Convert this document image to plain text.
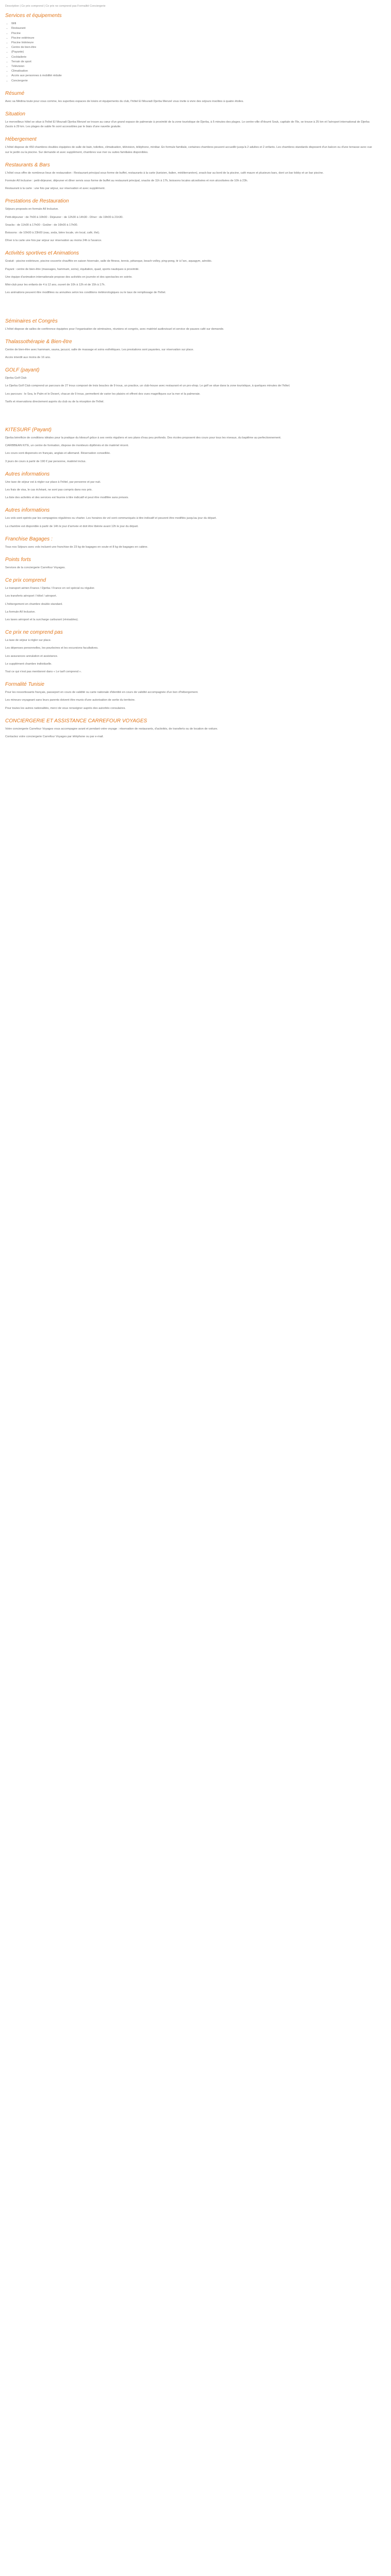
Description | Ce prix comprend | Ce prix ne comprend pas Formalité Conciergerie
Services et équipements
• Wifi
• Restaurant
• Piscine
• Piscine extérieure
• Piscine Intérieure
• Centre de bien-être
• (Payante)
• Cocktailerie
• Terrain de sport
• Télévision
• Climatisation
• Accès aux personnes à mobilité réduite
• Conciergerie
Résumé

Avec sa Médina toute pour vous comme, les superbes espaces de loisirs et équipements du club, l'hôtel El Mouradi Djerba Menzel vous invite à vivre des séjours insolites à quatre étoiles.

Situation

Le merveilleux hôtel se situe à l'hôtel El Mouradi Djerba Menzel se trouve au cœur d'un grand espace de palmeraie à proximité de la zone touristique de Djerba, à 5 minutes des plages. Le centre-ville d'Houmt Souk, capitale de l'île, se trouve à 25 km et l'aéroport international de Djerba Zarzis à 29 km. Les plages de sable fin sont accessibles par le biais d'une navette gratuite.

Hébergement

L'hôtel dispose de 450 chambres doubles équipées de salle de bain, toilettes, climatisation, télévision, téléphone, minibar. En formule familiale, certaines chambres peuvent accueillir jusqu'à 2 adultes et 2 enfants. Les chambres standards disposent d'un balcon ou d'une terrasse avec vue sur le jardin ou la piscine. Sur demande et avec supplément, chambres vue mer ou suites familiales disponibles.

Restaurants & Bars

L'hôtel vous offre de nombreux lieux de restauration : Restaurant principal sous forme de buffet, restaurants à la carte (tunisien, italien, méditerranéen), snack-bar au bord de la piscine, café maure et plusieurs bars, dont un bar lobby et un bar piscine.

Formule All Inclusive : petit-déjeuner, déjeuner et dîner servis sous forme de buffet au restaurant principal, snacks de 11h à 17h, boissons locales alcoolisées et non alcoolisées de 10h à 23h.

Restaurant à la carte : une fois par séjour, sur réservation et avec supplément.

Prestations de Restauration

Séjours proposés en formule All Inclusive.

Petit-déjeuner : de 7h00 à 10h00 - Déjeuner : de 12h30 à 14h30 - Dîner : de 19h00 à 21h30.

Snacks : de 11h00 à 17h00 - Goûter : de 16h00 à 17h00.

Boissons : de 10h00 à 23h00 (eau, soda, bière locale, vin local, café, thé).

Dîner à la carte une fois par séjour sur réservation au moins 24h à l'avance.

Activités sportives et Animations

Gratuit : piscine extérieure, piscine couverte chauffée en saison hivernale, salle de fitness, tennis, pétanque, beach-volley, ping-pong, tir à l'arc, aquagym, aérobic.

Payant : centre de bien-être (massages, hammam, soins), équitation, quad, sports nautiques à proximité.

Une équipe d'animation internationale propose des activités en journée et des spectacles en soirée.

Mini-club pour les enfants de 4 à 12 ans, ouvert de 10h à 12h et de 15h à 17h.

Les animations peuvent être modifiées ou annulées selon les conditions météorologiques ou le taux de remplissage de l'hôtel.

Séminaires et Congrès

L'hôtel dispose de salles de conférence équipées pour l'organisation de séminaires, réunions et congrès, avec matériel audiovisuel et service de pauses café sur demande.

Thalassothérapie & Bien-être

Centre de bien-être avec hammam, sauna, jacuzzi, salle de massage et soins esthétiques. Les prestations sont payantes, sur réservation sur place.

Accès interdit aux moins de 16 ans.

GOLF (payant)

Djerba Golf Club

Le Djerba Golf Club comprend un parcours de 27 trous composé de trois boucles de 9 trous, un practice, un club-house avec restaurant et un pro-shop. Le golf se situe dans la zone touristique, à quelques minutes de l'hôtel.

Les parcours : le Sea, le Palm et le Desert, chacun de 9 trous, permettent de varier les plaisirs et offrent des vues magnifiques sur la mer et la palmeraie.

Tarifs et réservations directement auprès du club ou de la réception de l'hôtel.

KITESURF (Payant)

Djerba bénéficie de conditions idéales pour la pratique du kitesurf grâce à ses vents réguliers et ses plans d'eau peu profonds. Des écoles proposent des cours pour tous les niveaux, du baptême au perfectionnement.

CARIBBEAN KITE, un centre de formation, dispose de moniteurs diplômés et de matériel récent.

Les cours sont dispensés en français, anglais et allemand. Réservation conseillée.

3 jours de cours à partir de 190 € par personne, matériel inclus.

Autres informations

Une taxe de séjour est à régler sur place à l'hôtel, par personne et par nuit.

Les frais de visa, le cas échéant, ne sont pas compris dans nos prix.

La liste des activités et des services est fournie à titre indicatif et peut être modifiée sans préavis.

Autres informations

Les vols sont opérés par les compagnies régulières ou charter. Les horaires de vol sont communiqués à titre indicatif et peuvent être modifiés jusqu'au jour du départ.

La chambre est disponible à partir de 14h le jour d'arrivée et doit être libérée avant 12h le jour du départ.

Franchise Bagages :

Tous nos Séjours avec vols incluent une franchise de 23 kg de bagages en soute et 8 kg de bagages en cabine.

Points forts

Services de la conciergerie Carrefour Voyages.

Ce prix comprend

Le transport aérien France / Djerba / France en vol spécial ou régulier.

Les transferts aéroport / hôtel / aéroport.

L'hébergement en chambre double standard.

La formule All Inclusive.

Les taxes aéroport et la surcharge carburant (révisables).

Ce prix ne comprend pas

La taxe de séjour à régler sur place.

Les dépenses personnelles, les pourboires et les excursions facultatives.

Les assurances annulation et assistance.

Le supplément chambre individuelle.

Tout ce qui n'est pas mentionné dans « Le tarif comprend ».

Formalité Tunisie

Pour les ressortissants français, passeport en cours de validité ou carte nationale d'identité en cours de validité accompagnée d'un bon d'hébergement.

Les mineurs voyageant sans leurs parents doivent être munis d'une autorisation de sortie du territoire.

Pour toutes les autres nationalités, merci de vous renseigner auprès des autorités consulaires.

CONCIERGERIE ET ASSISTANCE CARREFOUR VOYAGES

Votre conciergerie Carrefour Voyages vous accompagne avant et pendant votre voyage : réservation de restaurants, d'activités, de transferts ou de location de voiture.

Contactez votre conciergerie Carrefour Voyages par téléphone ou par e-mail.
